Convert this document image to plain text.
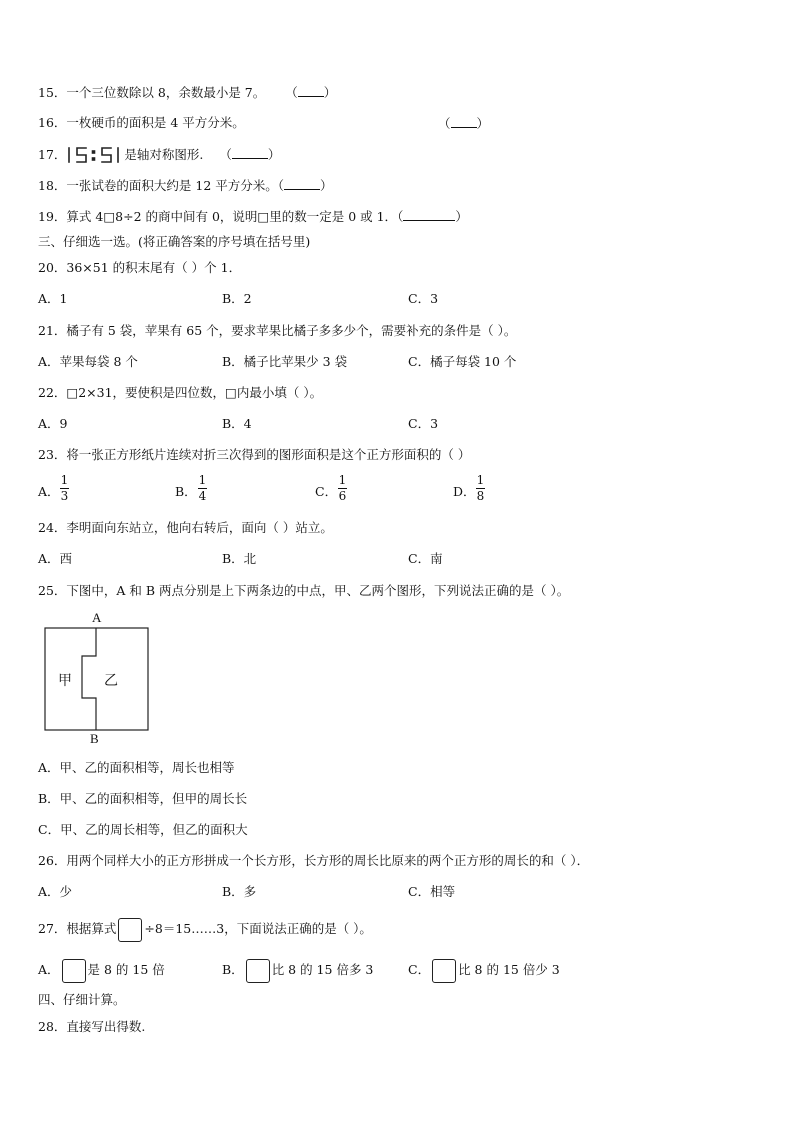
15．一个三位数除以 8，余数最小是 7。 （ ）
16．一枚硬币的面积是 4 平方分米。	（ ）
17．	是轴对称图形. （	）
18．一张试卷的面积大约是 12 平方分米。（	）
19．算式 4□8÷2 的商中间有 0，说明□里的数一定是 0 或 1．（	）
三、仔细选一选。(将正确答案的序号填在括号里)
20．36×51 的积末尾有（ ）个 1．
A．1	B．2	C．3
21．橘子有 5 袋，苹果有 65 个，要求苹果比橘子多多少个，需要补充的条件是（ ）。
A．苹果每袋 8 个	B．橘子比苹果少 3 袋	C．橘子每袋 10 个
22．□2×31，要使积是四位数，□内最小填（ ）。
A．9	B．4	C．3
23．将一张正方形纸片连续对折三次得到的图形面积是这个正方形面积的（ ）
A．
1
3	B．
1
4	C．
1
6	D．
1
8
24．李明面向东站立，他向右转后，面向（ ）站立。
A．西	B．北	C．南
25．下图中，A 和 B 两点分别是上下两条边的中点，甲、乙两个图形，下列说法正确的是（ ）。
A
B
甲 乙
A．甲、乙的面积相等，周长也相等
B．甲、乙的面积相等，但甲的周长长
C．甲、乙的周长相等，但乙的面积大
26．用两个同样大小的正方形拼成一个长方形，长方形的周长比原来的两个正方形的周长的和（ ）．
A．少	B．多	C．相等
27．根据算式 ÷8＝15……3，下面说法正确的是（ ）。
A． 是 8 的 15 倍	B． 比 8 的 15 倍多 3	C． 比 8 的 15 倍少 3
四、仔细计算。
28．直接写出得数.
